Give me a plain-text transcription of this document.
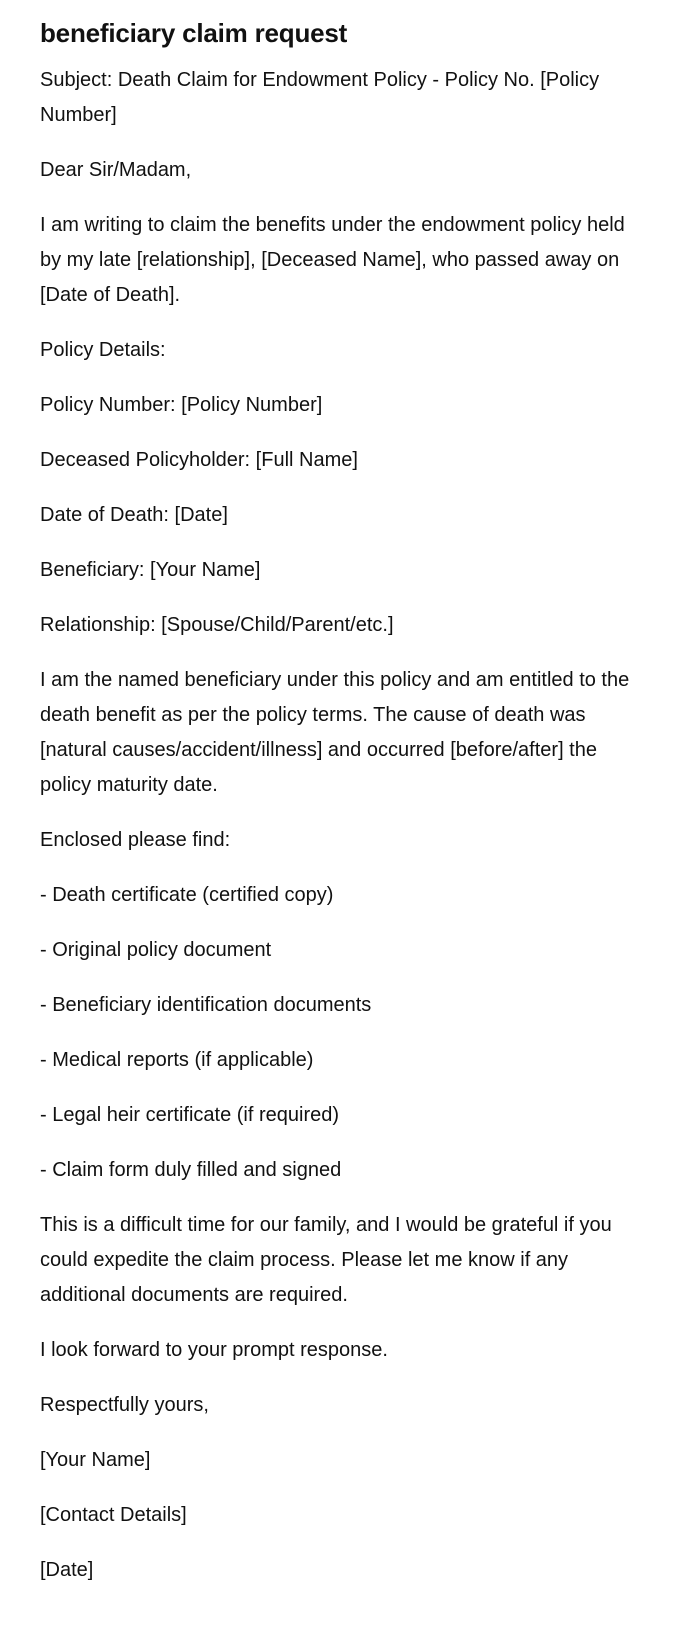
beneficiary claim request

Subject: Death Claim for Endowment Policy - Policy No. [Policy Number]

Dear Sir/Madam,

I am writing to claim the benefits under the endowment policy held by my late [relationship], [Deceased Name], who passed away on [Date of Death].

Policy Details:

Policy Number: [Policy Number]

Deceased Policyholder: [Full Name]

Date of Death: [Date]

Beneficiary: [Your Name]

Relationship: [Spouse/Child/Parent/etc.]

I am the named beneficiary under this policy and am entitled to the death benefit as per the policy terms. The cause of death was [natural causes/accident/illness] and occurred [before/after] the policy maturity date.

Enclosed please find:

- Death certificate (certified copy)

- Original policy document

- Beneficiary identification documents

- Medical reports (if applicable)

- Legal heir certificate (if required)

- Claim form duly filled and signed

This is a difficult time for our family, and I would be grateful if you could expedite the claim process. Please let me know if any additional documents are required.

I look forward to your prompt response.

Respectfully yours,

[Your Name]

[Contact Details]

[Date]
